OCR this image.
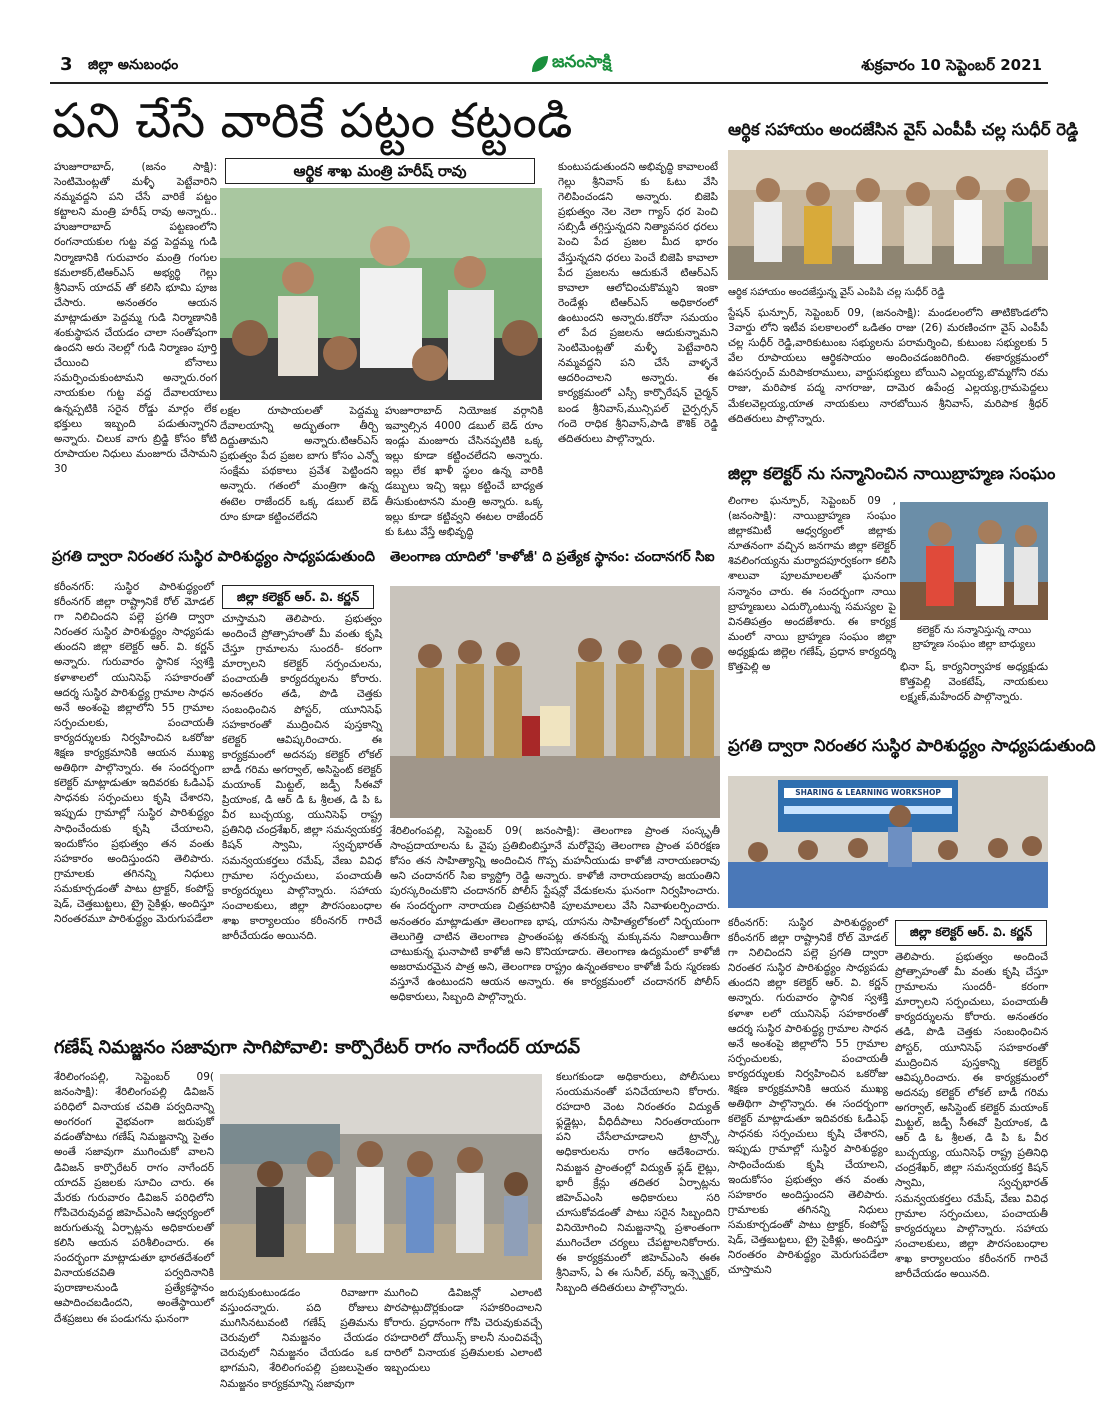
3 జిల్లా అనుబంధం	జనంసాక్షి	శుక్రవారం 10 సెప్టెంబర్ 2021
పని చేసే వారికే పట్టం కట్టండి
ఆర్థిక శాఖ మంత్రి హరీష్ రావు
హుజూరాబాద్, (జనం సాక్షి): సెంటిమెంట్లతో మళ్ళీ పెట్టేవారిని నమ్మవద్దని పని చేసే వారికే పట్టం కట్టాలని మంత్రి హరీష్ రావు అన్నారు.. హుజూరాబాద్ పట్టణంలోని రంగనాయకుల గుట్ట వద్ద పెద్దమ్మ గుడి నిర్మాణానికి గురువారం మంత్రి గంగుల కమలాకర్,టిఆర్ఎస్ అభ్యర్థి గెల్లు శ్రీనివాస్ యాదవ్ తో కలిసి భూమి పూజ చేసారు. అనంతరం ఆయన మాట్లాడుతూ పెద్దమ్మ గుడి నిర్మాణానికి శంకుస్థాపన చేయడం చాలా సంతోషంగా ఉందని అరు నెలల్లో గుడి నిర్మాణం పూర్తి చేయించి బోనాలు సమర్పించుకుంటామని అన్నారు.రంగ నాయకుల గుట్ట వద్ద దేవాలయాలు ఉన్నప్పటికి సరైన రోడ్డు మార్గం లేక భక్తులు ఇబ్బంది పడుతున్నారని అన్నారు. చిలుక వాగు బ్రిడ్జి కోసం కోటి రూపాయల నిధులు మంజూరు చేసామని 30
లక్షల రూపాయలతో పెద్దమ్మ దేవాలయాన్ని అద్భుతంగా తీర్చి దిద్దుతామని అన్నారు.టిఆర్ఎస్ ప్రభుత్వం పేద ప్రజల బాగు కోసం ఎన్నో సంక్షేమ పథకాలు ప్రవేశ పెట్టిందని అన్నారు. గతంలో మంత్రిగా ఉన్న ఈటెల రాజేందర్ ఒక్క డబుల్ బెడ్ రూం కూడా కట్టించలేదని
హుజూరాబాద్ నియోజక వర్గానికి ఇవ్వాల్సిన 4000 డబుల్ బెడ్ రూం ఇండ్లు మంజూరు చేసినప్పటికి ఒక్క ఇల్లు కూడా కట్టించలేదని అన్నారు. ఇల్లు లేక ఖాళీ స్థలం ఉన్న వారికి డబ్బులు ఇచ్చి ఇల్లు కట్టించే బాధ్యత తీసుకుంటానని మంత్రి అన్నారు. ఒక్క ఇల్లు కూడా కట్టివ్వని ఈటల రాజేందర్ కు ఓటు వేస్తే అభివృద్ధి
కుంటుపడుతుందని అభివృద్ధి కావాలంటే గెల్లు శ్రీనివాస్ కు ఓటు వేసి గెలిపించండని అన్నారు. బిజెపి ప్రభుత్వం నెల నెలా గ్యాస్ ధర పెంచి సబ్సిడీ తగ్గిస్తున్నదని నిత్యావసర ధరలు పెంచి పేద ప్రజల మీద భారం వేస్తున్నదని ధరలు పెంచే బిజెపి కావాలా పేద ప్రజలను ఆదుకునే టిఆర్ఎస్ కావాలా ఆలోచించుకొమ్మని ఇంకా రెండేళ్లు టిఆర్ఎస్ అధికారంలో ఉంటుందని అన్నారు.కరోనా సమయం లో పేద ప్రజలను ఆదుకున్నామని సెంటిమెంట్లతో మళ్ళీ పెట్టేవారిని నమ్మవద్దని పని చేసే వాళ్ళనే ఆదరించాలని అన్నారు. ఈ కార్యక్రమంలో ఎస్సీ కార్పొరేషన్ చైర్మన్ బండ శ్రీనివాస్,మున్సిపల్ చైర్పర్సన్ గందె రాధిక శ్రీనివాస్,పాడి కౌశిక్ రెడ్డి తదితరులు పాల్గొన్నారు.
ఆర్థిక సహాయం అందజేసిన వైస్ ఎంపీపీ చల్ల సుధీర్ రెడ్డి
ఆర్థిక సహాయం అందజేస్తున్న వైస్ ఎంపిపి చల్ల సుధీర్ రెడ్డి
స్టేషన్ ఘన్పూర్, సెప్టెంబర్ 09, (జనంసాక్షి): మండలంలోని తాటికొండలోని 3వార్డు లోని ఇటీవ పలకాలంలో ఒడితం రాజు (26) మరణించగా వైస్ ఎంపీపీ చల్ల సుధీర్ రెడ్డి,వారికుటుంబ సభ్యులను పరామర్శించి, కుటుంబ సభ్యులకు 5 వేల రూపాయలు ఆర్థికసాయం అందించడంజరిగింది. ఈకార్యక్రమంలో ఉపసర్పంచ్ మరిపాకరాములు, వార్డుసభ్యులు బోయిని ఎల్లయ్య,బొమ్మగోని రమ రాజు, మరిపాక పద్మ నాగరాజు, దామెర ఉపేంద్ర ఎల్లయ్య,గ్రామపెద్దలు మేకలవెల్లయ్య,యాత నాయకులు నారబోయిన శ్రీనివాస్, మరిపాక శ్రీధర్ తదితరులు పాల్గొన్నారు.
జిల్లా కలెక్టర్ ను సన్మానించిన నాయిబ్రాహ్మణ సంఘం
లింగాల ఘన్పూర్, సెప్టెంబర్ 09 , (జనంసాక్షి): నాయిబ్రాహ్మణ సంఘం జిల్లాకమిటీ ఆధ్వర్యంలో జిల్లాకు నూతనంగా వచ్చిన జనగామ జిల్లా కలెక్టర్ శివలింగయ్యను మర్యాదపూర్వకంగా కలిసి శాలువా పూలమాలలతో ఘనంగా సన్మానం చారు. ఈ సందర్భంగా నాయి బ్రాహ్మణులు ఎదుర్కొంటున్న సమస్యల పై వినతిపత్రం అందజేశారు. ఈ కార్యక్ర మంలో నాయి బ్రాహ్మణ సంఘం జిల్లా అధ్యక్షుడు జిల్లెల గణేష్, ప్రధాన కార్యదర్శి కొత్తపెల్లి అ
కలెక్టర్ ను సన్మానిస్తున్న నాయి బ్రాహ్మణ సంఘం జిల్లా బాధ్యులు
భినా ష్, కార్యనిర్వాహక అధ్యక్షుడు కొత్తపెల్లి వెంకటేష్, నాయకులు లక్ష్మణ్,మహేందర్ పాల్గొన్నారు.
ప్రగతి ద్వారా నిరంతర సుస్థిర పారిశుద్ధ్యం సాధ్యపడుతుంది
SHARING & LEARNING WORKSHOP
జిల్లా కలెక్టర్ ఆర్. వి. కర్ణన్
కరీంనగర్: సుస్థిర పారిశుద్ధ్యంలో కరీంనగర్ జిల్లా రాష్ట్రానికే రోల్ మోడల్ గా నిలిచిందని పల్లె ప్రగతి ద్వారా నిరంతర సుస్థిర పారిశుద్ధ్యం సాధ్యపడు తుందని జిల్లా కలెక్టర్ ఆర్. వి. కర్ణన్ అన్నారు. గురువారం స్థానిక స్వశక్తి కళాశా లలో యునిసెఫ్ సహకారంతో ఆదర్శ సుస్థిర పారిశుద్ధ్య గ్రామాల సాధన అనే అంశంపై జిల్లాలోని 55 గ్రామాల సర్పంచులకు, పంచాయతీ కార్యదర్శులకు నిర్వహించిన ఒకరోజు శిక్షణ కార్యక్రమానికి ఆయన ముఖ్య అతిథిగా పాల్గొన్నారు. ఈ సందర్భంగా కలెక్టర్ మాట్లాడుతూ ఇదివరకు ఓడిఎఫ్ సాధనకు సర్పంచులు కృషి చేశారని, ఇప్పుడు గ్రామాల్లో సుస్థిర పారిశుద్ధ్యం సాధించేందుకు కృషి చేయాలని, ఇందుకోసం ప్రభుత్వం తన వంతు సహకారం అందిస్తుందని తెలిపారు. గ్రామాలకు తగినన్ని నిధులు సమకూర్చడంతో పాటు ట్రాక్టర్, కంపోస్ట్ షెడ్, చెత్తబుట్టలు, ట్రై సైకిళ్లు, అందిస్తూ నిరంతరం పారిశుద్ధ్యం మెరుగుపడేలా చూస్తామని
తెలిపారు. ప్రభుత్వం అందించే ప్రోత్సాహంతో మీ వంతు కృషి చేస్తూ గ్రామాలను సుందరీ- కరంగా మార్చాలని సర్పంచులు, పంచాయతీ కార్యదర్శులను కోరారు. అనంతరం తడి, పొడి చెత్తకు సంబంధించిన పోస్టర్, యూనిసెఫ్ సహకారంతో ముద్రించిన పుస్తకాన్ని కలెక్టర్ ఆవిష్కరించారు. ఈ కార్యక్రమంలో అదనపు కలెక్టర్ లోకల్ బాడీ గరిమ అగర్వాల్, అసిస్టెంట్ కలెక్టర్ మయాంక్ మిట్టల్, జడ్పీ సీఈవో ప్రియాంక, డి ఆర్ డి ఓ శ్రీలత, డి పి ఓ వీర బుచ్చయ్య, యునిసెఫ్ రాష్ట్ర ప్రతినిధి చంద్రశేఖర్, జిల్లా సమన్వయకర్త కిషన్ స్వామి, స్వచ్ఛభారత్ సమన్వయకర్తలు రమేష్, వేణు వివిధ గ్రామాల సర్పంచులు, పంచాయతీ కార్యదర్శులు పాల్గొన్నారు. సహాయ సంచాలకులు, జిల్లా పౌరసంబంధాల శాఖ కార్యాలయం కరీంనగర్ గారిచే జారీచేయడం అయినది.
ప్రగతి ద్వారా నిరంతర సుస్థిర పారిశుద్ధ్యం సాధ్యపడుతుంది
జిల్లా కలెక్టర్ ఆర్. వి. కర్ణన్
కరీంనగర్: సుస్థిర పారిశుద్ధ్యంలో కరీంనగర్ జిల్లా రాష్ట్రానికే రోల్ మోడల్ గా నిలిచిందని పల్లె ప్రగతి ద్వారా నిరంతర సుస్థిర పారిశుద్ధ్యం సాధ్యపడు తుందని జిల్లా కలెక్టర్ ఆర్. వి. కర్ణన్ అన్నారు. గురువారం స్థానిక స్వశక్తి కళాశాలలో యునిసెఫ్ సహకారంతో ఆదర్శ సుస్థిర పారిశుద్ధ్య గ్రామాల సాధన అనే అంశంపై జిల్లాలోని 55 గ్రామాల సర్పంచులకు, పంచాయతీ కార్యదర్శులకు నిర్వహించిన ఒకరోజు శిక్షణ కార్యక్రమానికి ఆయన ముఖ్య అతిథిగా పాల్గొన్నారు. ఈ సందర్భంగా కలెక్టర్ మాట్లాడుతూ ఇదివరకు ఓడిఎఫ్ సాధనకు సర్పంచులు కృషి చేశారని, ఇప్పుడు గ్రామాల్లో సుస్థిర పారిశుద్ధ్యం సాధించేందుకు కృషి చేయాలని, ఇందుకోసం ప్రభుత్వం తన వంతు సహకారం అందిస్తుందని తెలిపారు. గ్రామాలకు తగినన్ని నిధులు సమకూర్చడంతో పాటు ట్రాక్టర్, కంపోస్ట్ షెడ్, చెత్తబుట్టలు, ట్రై సైకిళ్లు, అందిస్తూ నిరంతరమూ పారిశుద్ధ్యం మెరుగుపడేలా
చూస్తామని తెలిపారు. ప్రభుత్వం అందించే ప్రోత్సాహంతో మీ వంతు కృషి చేస్తూ గ్రామాలను సుందరీ- కరంగా మార్చాలని కలెక్టర్ సర్పంచులను, పంచాయతీ కార్యదర్శులను కోరారు. అనంతరం తడి, పొడి చెత్తకు సంబంధించిన పోస్టర్, యూనిసెఫ్ సహకారంతో ముద్రించిన పుస్తకాన్ని కలెక్టర్ ఆవిష్కరించారు. ఈ కార్యక్రమంలో అదనపు కలెక్టర్ లోకల్ బాడీ గరిమ అగర్వాల్, అసిస్టెంట్ కలెక్టర్ మయాంక్ మిట్టల్, జడ్పీ సీఈవో ప్రియాంక, డి ఆర్ డి ఓ శ్రీలత, డి పి ఓ వీర బుచ్చయ్య, యునిసెఫ్ రాష్ట్ర ప్రతినిధి చంద్రశేఖర్, జిల్లా సమన్వయకర్త కిషన్ స్వామి, స్వచ్ఛభారత్ సమన్వయకర్తలు రమేష్, వేణు వివిధ గ్రామాల సర్పంచులు, పంచాయతీ కార్యదర్శులు పాల్గొన్నారు. సహాయ సంచాలకులు, జిల్లా పౌరసంబంధాల శాఖ కార్యాలయం కరీంనగర్ గారిచే జారీచేయడం అయినది.
తెలంగాణ యాదిలో 'కాళోజీ' ది ప్రత్యేక స్థానం: చందానగర్ సిఐ
శేరిలింగంపల్లి, సెప్టెంబర్ 09( జనంసాక్షి): తెలంగాణ ప్రాంత సంస్కృతీ సాంప్రదాయాలను ఓ వైపు ప్రతిబింబిస్తూనే మరోవైపు తెలంగాణ ప్రాంత పరిరక్షణ కోసం తన సాహిత్యాన్ని అందించిన గొప్ప మహనీయుడు కాళోజీ నారాయణరావు అని చందానగర్ సిఐ క్యాస్ట్రో రెడ్డి అన్నారు. కాళోజీ నారాయణరావు జయంతిని పురస్కరించుకొని చందానగర్ పోలీస్ స్టేషన్లో వేడుకలను ఘనంగా నిర్వహించారు. ఈ సందర్భంగా నారాయణ చిత్రపటానికి పూలమాలలు వేసి నివాళులర్పించారు. అనంతరం మాట్లాడుతూ తెలంగాణ భాష, యాసను సాహిత్యలోకంలో నిర్భయంగా తెలుగెత్తి చాటిన తెలంగాణ ప్రాంతంపట్ల తనకున్న మక్కువను నిజాయితీగా చాటుకున్న ఘనాపాటి కాళోజీ అని కొనియాడారు. తెలంగాణ ఉద్యమంలో కాళోజీ అజరామరమైన పాత్ర అని, తెలంగాణ రాష్ట్రం ఉన్నంతకాలం కాళోజీ పేరు స్మరణకు వస్తూనే ఉంటుందని ఆయన అన్నారు. ఈ కార్యక్రమంలో చందానగర్ పోలీస్ అధికారులు, సిబ్బంది పాల్గొన్నారు.
గణేష్ నిమజ్జనం సజావుగా సాగిపోవాలి: కార్పొరేటర్ రాగం నాగేందర్ యాదవ్
శేరిలింగంపల్లి, సెప్టెంబర్ 09( జనంసాక్షి): శేరిలింగంపల్లి డివిజన్ పరిధిలో వినాయక చవితి పర్వదినాన్ని అంగరంగ వైభవంగా జరుపుకో వడంతోపాటు గణేష్ నిమజ్జనాన్ని సైతం అంతే సజావుగా ముగించుకో వాలని డివిజన్ కార్పొరేటర్ రాగం నాగేందర్ యాదవ్ ప్రజలకు సూచిం చారు. ఈ మేరకు గురువారం డివిజన్ పరిధిలోని గోపిచెరువువద్ద జిహెచ్ఎంసి ఆధ్వర్యంలో జరుగుతున్న ఏర్పాట్లను అధికారులతో కలిసి ఆయన పరిశీలించారు. ఈ సందర్భంగా మాట్లాడుతూ భారతదేశంలో వినాయకచవితి పర్వదినానికి పురాణాలనుండి ప్రత్యేకస్థానం ఆపాదించబడిందని, అంతేస్థాయిలో దేశప్రజలు ఈ పండుగను ఘనంగా
జరుపుకుంటుండడం రివాజుగా వస్తుందన్నారు. పది రోజులు ముగిసినటువంటి గణేష్ ప్రతిమను చెరువులో నిమజ్జనం చేయడం చెరువులో నిమజ్జనం చేయడం ఒక భాగమని, శేరిలింగంపల్లి ప్రజలుసైతం నిమజ్జనం కార్యక్రమాన్ని సజావుగా
ముగించి డివిజన్లో ఎలాంటి పొరపాట్లుదొర్లకుండా సహకరించాలని కోరారు. ప్రధానంగా గోపి చెరువుకువచ్చే రహదారిలో దోయిన్స్ కాలనీ నుంచివచ్చే దారిలో వినాయక ప్రతిమలకు ఎలాంటి ఇబ్బందులు
కలుగకుండా అధికారులు, పోలీసులు సంయమనంతో పనిచేయాలని కోరారు. రహదారి వెంట నిరంతరం విద్యుత్ ఫ్లడ్లైట్లు, వీధిదీపాలు నిరంతరాయంగా పని చేసేలాచూడాలని ట్రాన్స్కో అధికారులను రాగం ఆదేశించారు. నిమజ్జన ప్రాంతంల్లో విద్యుత్ ఫ్లడ్ లైట్లు, భారీ క్రేన్లు తదితర ఏర్పాట్లను జిహెచ్ఎంసి అధికారులు సరి చూసుకోవడంతో పాటు సరైన సిబ్బందిని వినియోగించి నిమజ్జనాన్ని ప్రశాంతంగా ముగించేలా చర్యలు చేపట్టాలనికోరారు. ఈ కార్యక్రమంలో జిహెచ్ఎంసి ఈఈ శ్రీనివాస్, ఏ ఈ సునీల్, వర్క్ ఇన్స్పెక్టర్, సిబ్బంది తదితరులు పాల్గొన్నారు.
